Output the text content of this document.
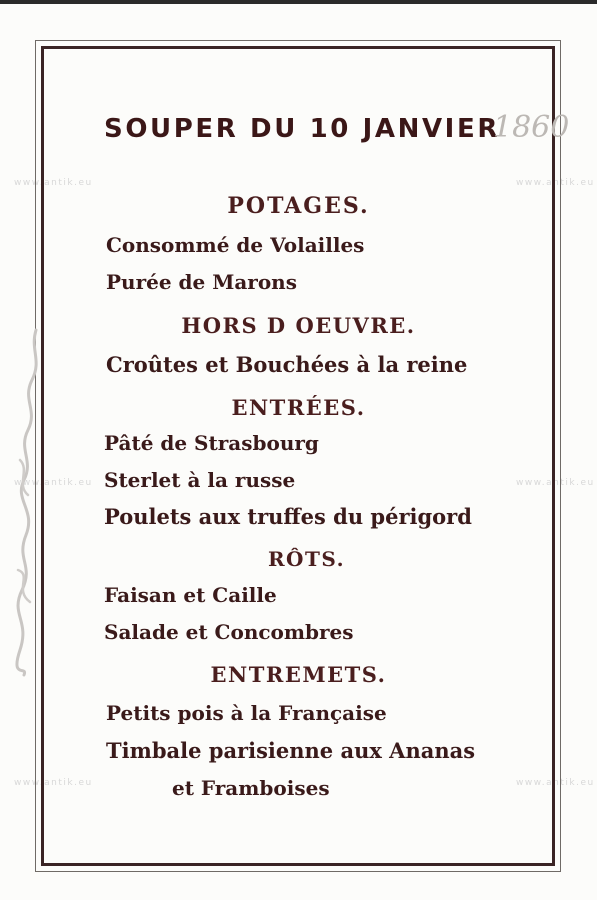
www.antik.eu	www.antik.eu
www.antik.eu	www.antik.eu
www.antik.eu	www.antik.eu
SOUPER DU 10 JANVIER
1860
POTAGES.
Consommé de Volailles
Purée de Marons
HORS D OEUVRE.
Croûtes et Bouchées à la reine
ENTRÉES.
Pâté de Strasbourg
Sterlet à la russe
Poulets aux truffes du périgord
RÔTS.
Faisan et Caille
Salade et Concombres
ENTREMETS.
Petits pois à la Française
Timbale parisienne aux Ananas
et Framboises
